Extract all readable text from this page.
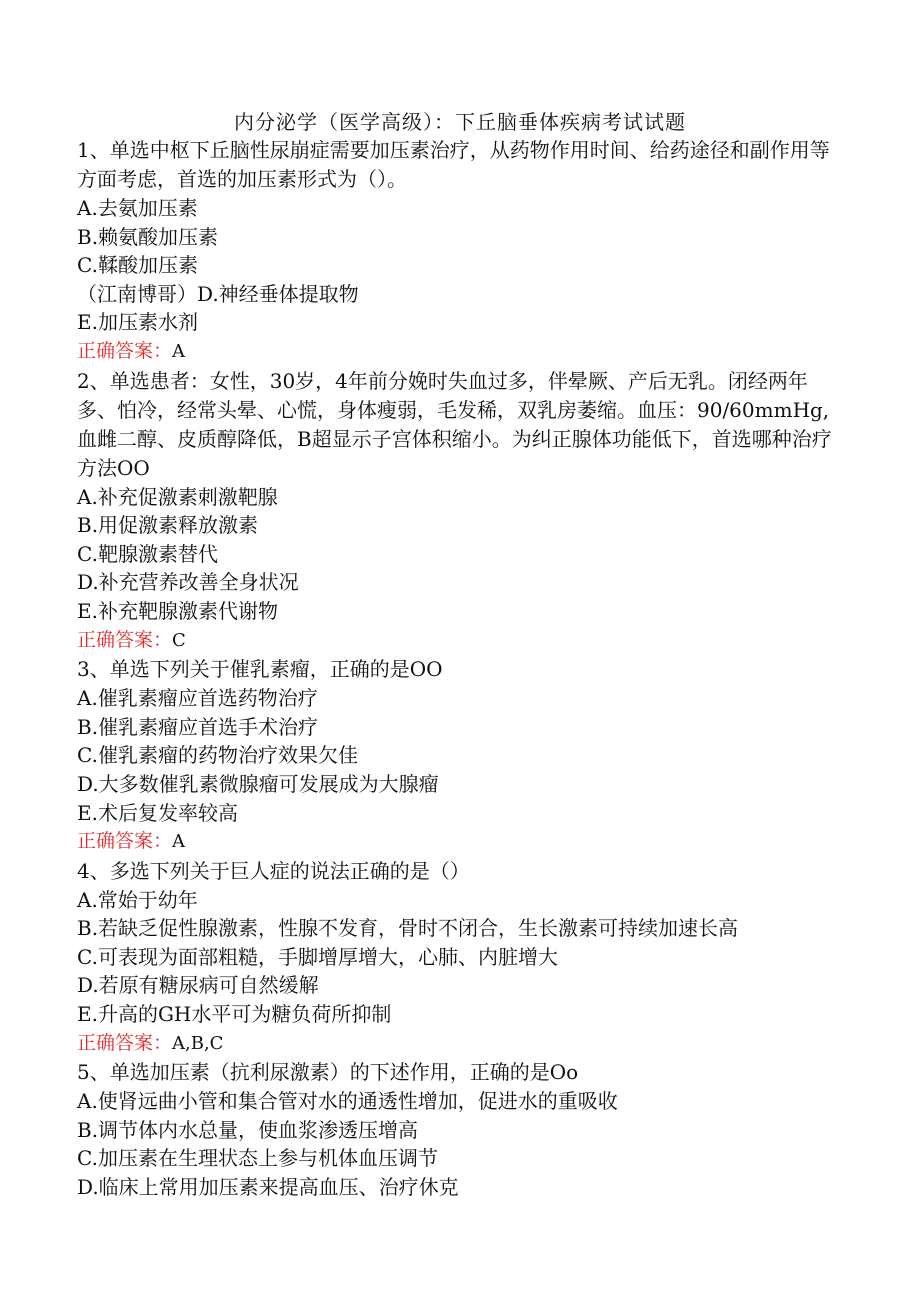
内分泌学（医学高级）：下丘脑垂体疾病考试试题

1、单选中枢下丘脑性尿崩症需要加压素治疗，从药物作用时间、给药途径和副作用等方面考虑，首选的加压素形式为（）。

A.去氨加压素

B.赖氨酸加压素

C.鞣酸加压素

（江南博哥）D.神经垂体提取物

E.加压素水剂

正确答案：A

2、单选患者：女性，30岁，4年前分娩时失血过多，伴晕厥、产后无乳。闭经两年多、怕冷，经常头晕、心慌，身体瘦弱，毛发稀，双乳房萎缩。血压：90/60mmHg,血雌二醇、皮质醇降低，B超显示子宫体积缩小。为纠正腺体功能低下，首选哪种治疗方法OO

A.补充促激素刺激靶腺

B.用促激素释放激素

C.靶腺激素替代

D.补充营养改善全身状况

E.补充靶腺激素代谢物

正确答案：C

3、单选下列关于催乳素瘤，正确的是OO

A.催乳素瘤应首选药物治疗

B.催乳素瘤应首选手术治疗

C.催乳素瘤的药物治疗效果欠佳

D.大多数催乳素微腺瘤可发展成为大腺瘤

E.术后复发率较高

正确答案：A

4、多选下列关于巨人症的说法正确的是（）

A.常始于幼年

B.若缺乏促性腺激素，性腺不发育，骨时不闭合，生长激素可持续加速长高

C.可表现为面部粗糙，手脚增厚增大，心肺、内脏增大

D.若原有糖尿病可自然缓解

E.升高的GH水平可为糖负荷所抑制

正确答案：A,B,C

5、单选加压素（抗利尿激素）的下述作用，正确的是Oo

A.使肾远曲小管和集合管对水的通透性增加，促进水的重吸收

B.调节体内水总量，使血浆渗透压增高

C.加压素在生理状态上参与机体血压调节

D.临床上常用加压素来提高血压、治疗休克
